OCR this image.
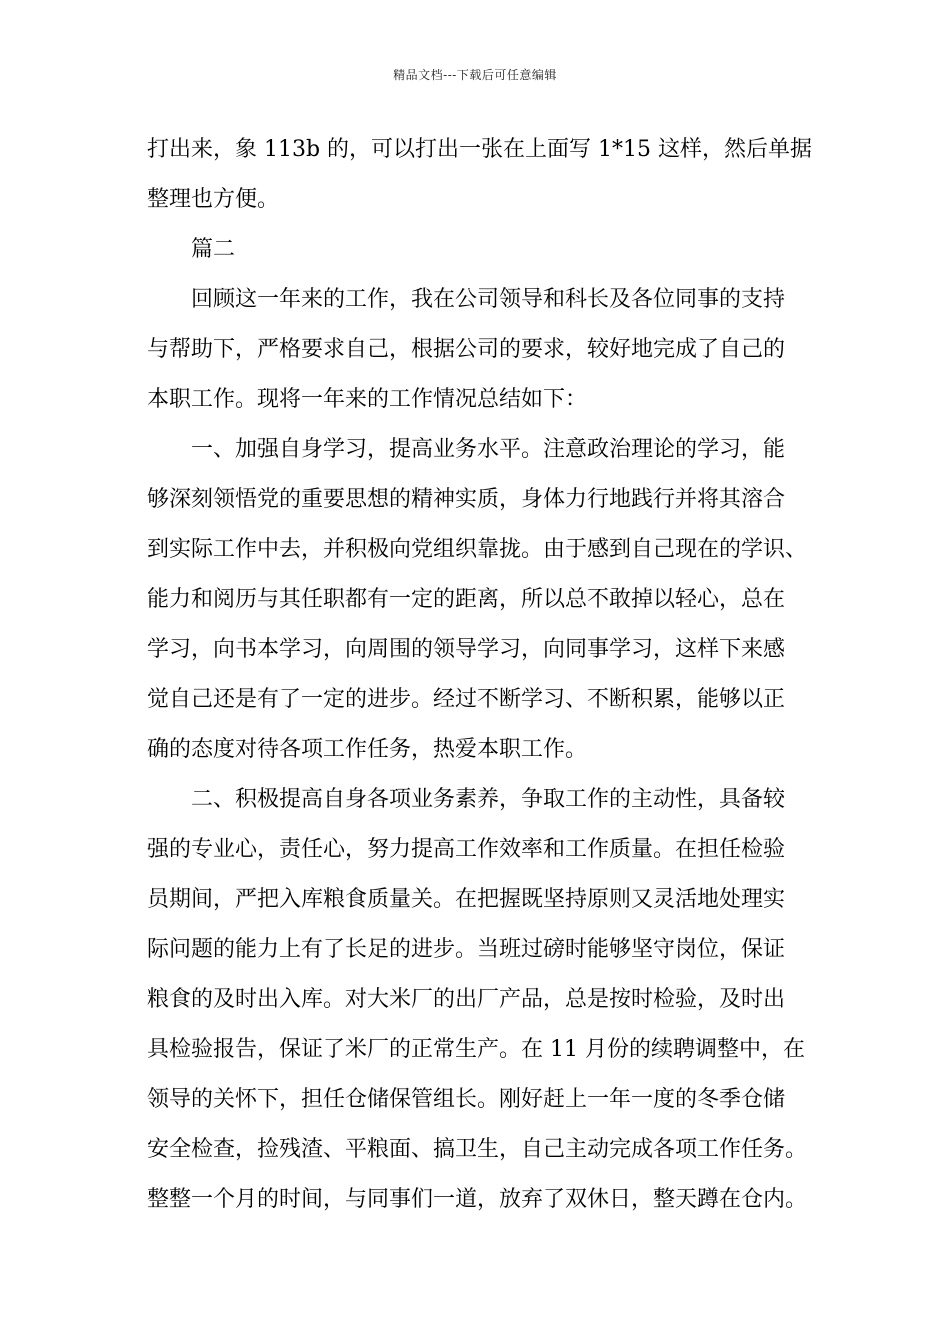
精品文档---下载后可任意编辑
打出来，象 113b 的，可以打出一张在上面写 1*15 这样，然后单据
整理也方便。
　　篇二
　　回顾这一年来的工作，我在公司领导和科长及各位同事的支持
与帮助下，严格要求自己，根据公司的要求，较好地完成了自己的
本职工作。现将一年来的工作情况总结如下：
　　一、加强自身学习，提高业务水平。注意政治理论的学习，能
够深刻领悟党的重要思想的精神实质，身体力行地践行并将其溶合
到实际工作中去，并积极向党组织靠拢。由于感到自己现在的学识、
能力和阅历与其任职都有一定的距离，所以总不敢掉以轻心，总在
学习，向书本学习，向周围的领导学习，向同事学习，这样下来感
觉自己还是有了一定的进步。经过不断学习、不断积累，能够以正
确的态度对待各项工作任务，热爱本职工作。
　　二、积极提高自身各项业务素养，争取工作的主动性，具备较
强的专业心，责任心，努力提高工作效率和工作质量。在担任检验
员期间，严把入库粮食质量关。在把握既坚持原则又灵活地处理实
际问题的能力上有了长足的进步。当班过磅时能够坚守岗位，保证
粮食的及时出入库。对大米厂的出厂产品，总是按时检验，及时出
具检验报告，保证了米厂的正常生产。在 11 月份的续聘调整中，在
领导的关怀下，担任仓储保管组长。刚好赶上一年一度的冬季仓储
安全检查，捡残渣、平粮面、搞卫生，自己主动完成各项工作任务。
整整一个月的时间，与同事们一道，放弃了双休日，整天蹲在仓内。
